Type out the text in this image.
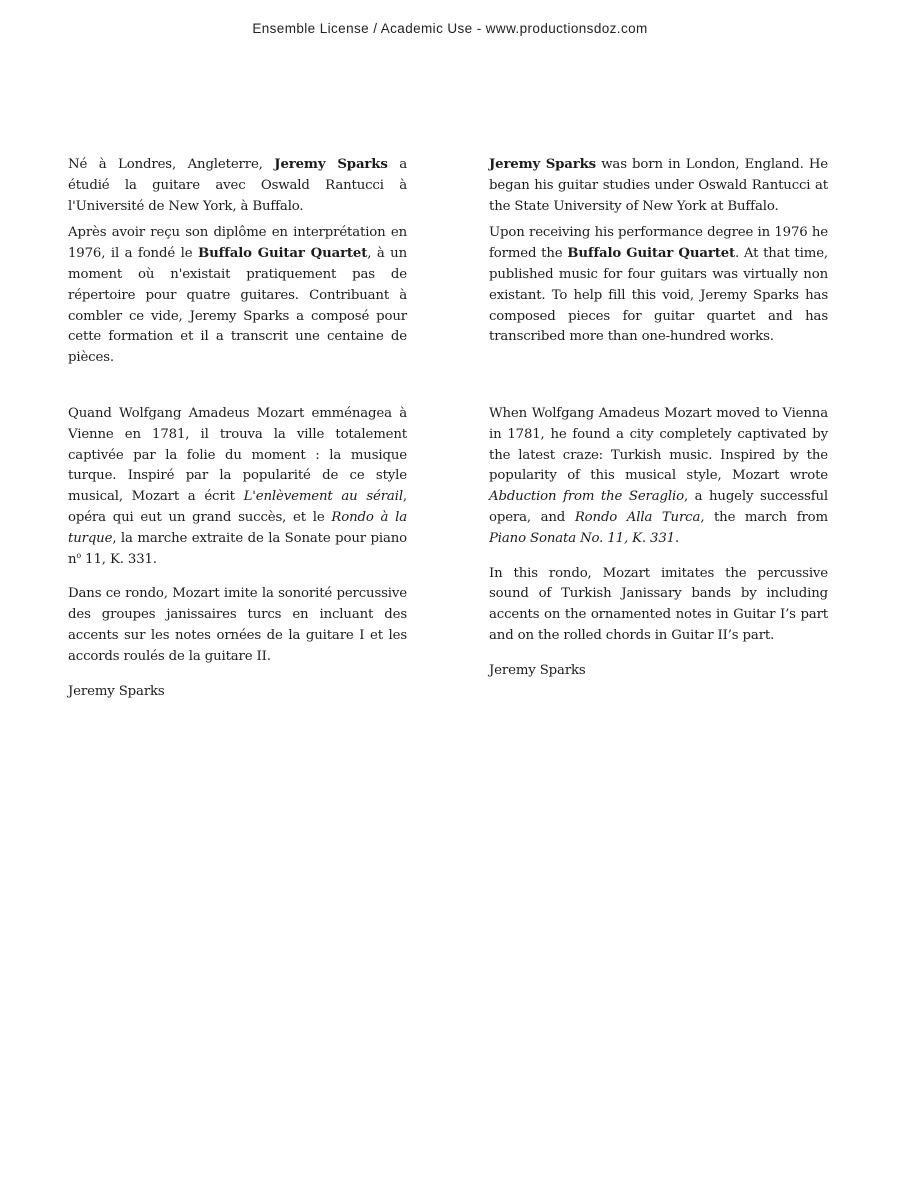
Ensemble License / Academic Use - www.productionsdoz.com

Né à Londres, Angleterre, Jeremy Sparks a étudié la guitare avec Oswald Rantucci à l'Université de New York, à Buffalo.

Après avoir reçu son diplôme en interprétation en 1976, il a fondé le Buffalo Guitar Quartet, à un moment où n'existait pratiquement pas de répertoire pour quatre guitares. Contribuant à combler ce vide, Jeremy Sparks a composé pour cette formation et il a transcrit une centaine de pièces.

Jeremy Sparks was born in London, England. He began his guitar studies under Oswald Rantucci at the State University of New York at Buffalo.

Upon receiving his performance degree in 1976 he formed the Buffalo Guitar Quartet. At that time, published music for four guitars was virtually non existant. To help fill this void, Jeremy Sparks has composed pieces for guitar quartet and has transcribed more than one-hundred works.

Quand Wolfgang Amadeus Mozart emménagea à Vienne en 1781, il trouva la ville totalement captivée par la folie du moment : la musique turque. Inspiré par la popularité de ce style musical, Mozart a écrit L'enlèvement au sérail, opéra qui eut un grand succès, et le Rondo à la turque, la marche extraite de la Sonate pour piano $n^o$ 11, K. 331.

Dans ce rondo, Mozart imite la sonorité percussive des groupes janissaires turcs en incluant des accents sur les notes ornées de la guitare I et les accords roulés de la guitare II.

Jeremy Sparks

When Wolfgang Amadeus Mozart moved to Vienna in 1781, he found a city completely captivated by the latest craze: Turkish music. Inspired by the popularity of this musical style, Mozart wrote Abduction from the Seraglio, a hugely successful opera, and Rondo Alla Turca, the march from Piano Sonata No. 11, K. 331.

In this rondo, Mozart imitates the percussive sound of Turkish Janissary bands by including accents on the ornamented notes in Guitar I’s part and on the rolled chords in Guitar II’s part.

Jeremy Sparks
